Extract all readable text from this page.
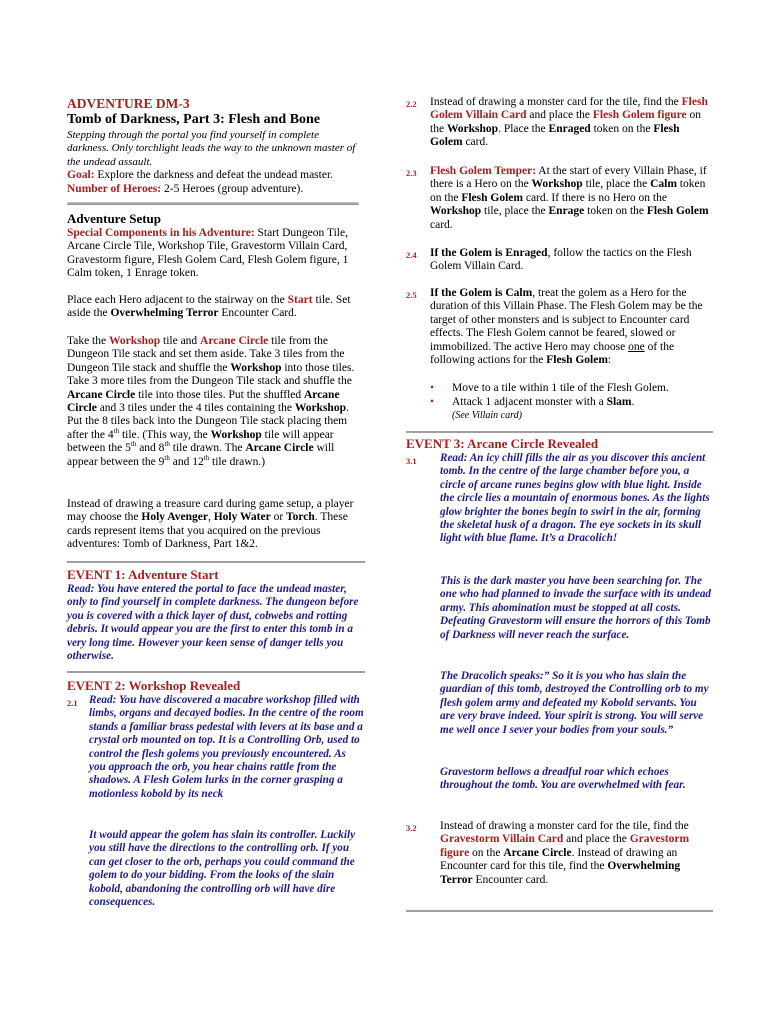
ADVENTURE DM-3
Tomb of Darkness, Part 3: Flesh and Bone
Stepping through the portal you find yourself in complete darkness. Only torchlight leads the way to the unknown master of the undead assault.
Goal: Explore the darkness and defeat the undead master.
Number of Heroes: 2-5 Heroes (group adventure).
Adventure Setup
Special Components in his Adventure: Start Dungeon Tile, Arcane Circle Tile, Workshop Tile, Gravestorm Villain Card, Gravestorm figure, Flesh Golem Card, Flesh Golem figure, 1 Calm token, 1 Enrage token.
Place each Hero adjacent to the stairway on the Start tile. Set aside the Overwhelming Terror Encounter Card.
Take the Workshop tile and Arcane Circle tile from the Dungeon Tile stack and set them aside. Take 3 tiles from the Dungeon Tile stack and shuffle the Workshop into those tiles. Take 3 more tiles from the Dungeon Tile stack and shuffle the Arcane Circle tile into those tiles. Put the shuffled Arcane Circle and 3 tiles under the 4 tiles containing the Workshop. Put the 8 tiles back into the Dungeon Tile stack placing them after the 4th tile. (This way, the Workshop tile will appear between the 5th and 8th tile drawn. The Arcane Circle will appear between the 9th and 12th tile drawn.)
Instead of drawing a treasure card during game setup, a player may choose the Holy Avenger, Holy Water or Torch. These cards represent items that you acquired on the previous adventures: Tomb of Darkness, Part 1&2.
EVENT 1: Adventure Start
Read: You have entered the portal to face the undead master, only to find yourself in complete darkness. The dungeon before you is covered with a thick layer of dust, cobwebs and rotting debris. It would appear you are the first to enter this tomb in a very long time. However your keen sense of danger tells you otherwise.
EVENT 2: Workshop Revealed
2.1 Read: You have discovered a macabre workshop filled with limbs, organs and decayed bodies. In the centre of the room stands a familiar brass pedestal with levers at its base and a crystal orb mounted on top. It is a Controlling Orb, used to control the flesh golems you previously encountered. As you approach the orb, you hear chains rattle from the shadows. A Flesh Golem lurks in the corner grasping a motionless kobold by its neck
It would appear the golem has slain its controller. Luckily you still have the directions to the controlling orb. If you can get closer to the orb, perhaps you could command the golem to do your bidding. From the looks of the slain kobold, abandoning the controlling orb will have dire consequences.
2.2 Instead of drawing a monster card for the tile, find the Flesh Golem Villain Card and place the Flesh Golem figure on the Workshop. Place the Enraged token on the Flesh Golem card.
2.3 Flesh Golem Temper: At the start of every Villain Phase, if there is a Hero on the Workshop tile, place the Calm token on the Flesh Golem card. If there is no Hero on the Workshop tile, place the Enrage token on the Flesh Golem card.
2.4 If the Golem is Enraged, follow the tactics on the Flesh Golem Villain Card.
2.5 If the Golem is Calm, treat the golem as a Hero for the duration of this Villain Phase. The Flesh Golem may be the target of other monsters and is subject to Encounter card effects. The Flesh Golem cannot be feared, slowed or immobilized. The active Hero may choose one of the following actions for the Flesh Golem:
• Move to a tile within 1 tile of the Flesh Golem.
• Attack 1 adjacent monster with a Slam.
(See Villain card)
EVENT 3: Arcane Circle Revealed
3.1 Read: An icy chill fills the air as you discover this ancient tomb. In the centre of the large chamber before you, a circle of arcane runes begins glow with blue light. Inside the circle lies a mountain of enormous bones. As the lights glow brighter the bones begin to swirl in the air, forming the skeletal husk of a dragon. The eye sockets in its skull light with blue flame. It’s a Dracolich!
This is the dark master you have been searching for. The one who had planned to invade the surface with its undead army. This abomination must be stopped at all costs. Defeating Gravestorm will ensure the horrors of this Tomb of Darkness will never reach the surface.
The Dracolich speaks:” So it is you who has slain the guardian of this tomb, destroyed the Controlling orb to my flesh golem army and defeated my Kobold servants. You are very brave indeed. Your spirit is strong. You will serve me well once I sever your bodies from your souls.”
Gravestorm bellows a dreadful roar which echoes throughout the tomb. You are overwhelmed with fear.
3.2 Instead of drawing a monster card for the tile, find the Gravestorm Villain Card and place the Gravestorm figure on the Arcane Circle. Instead of drawing an Encounter card for this tile, find the Overwhelming Terror Encounter card.
